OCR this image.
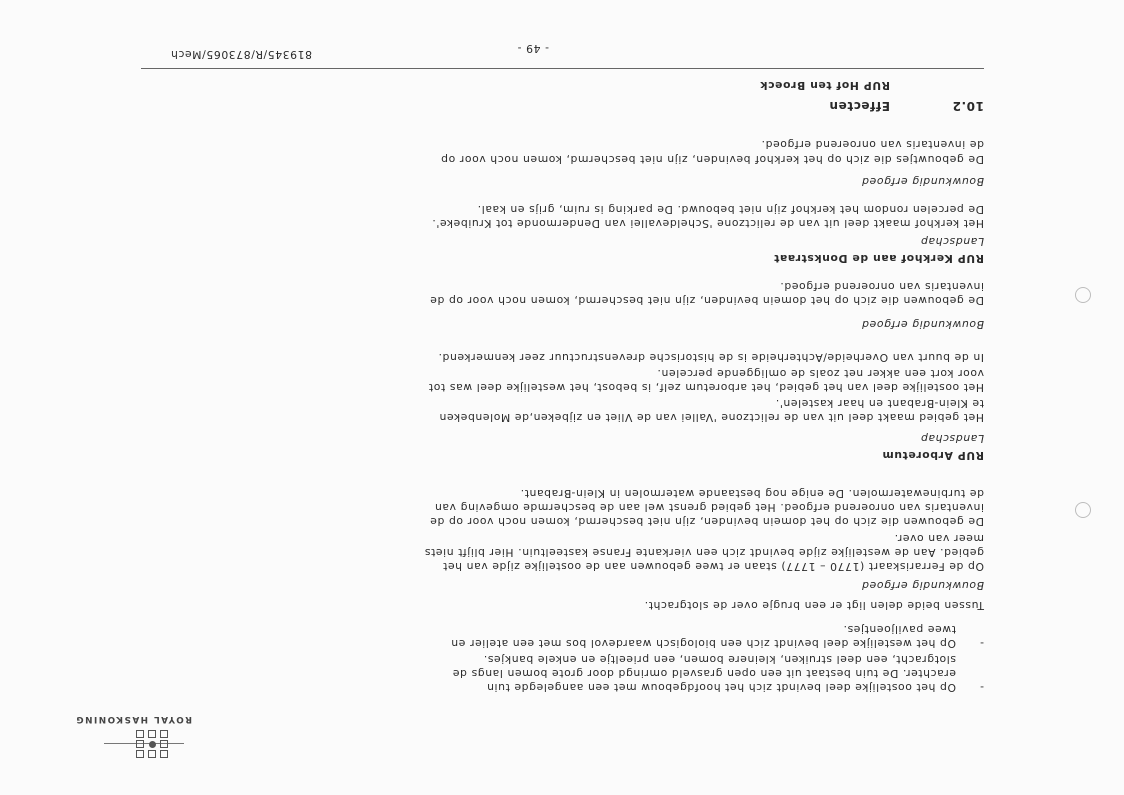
- 49 -
819345/R/873065/Mech
10.2
Effecten
RUP Hof ten Broeck
De gebouwtjes die zich op het kerkhof bevinden, zijn niet beschermd, komen noch voor op
de inventaris van onroerend erfgoed.
Bouwkundig erfgoed
Het kerkhof maakt deel uit van de relictzone 'Scheldevallei van Dendermonde tot Kruibeke'.
De percelen rondom het kerkhof zijn niet bebouwd. De parking is ruim, grijs en kaal.
Landschap
RUP Kerkhof aan de Donkstraat
De gebouwen die zich op het domein bevinden, zijn niet beschermd, komen noch voor op de
inventaris van onroerend erfgoed.
Bouwkundig erfgoed
In de buurt van Overheide/Achterheide is de historische drevenstructuur zeer kenmerkend.
Het oostelijke deel van het gebied, het arboretum zelf, is bebost, het westelijke deel was tot
voor kort een akker net zoals de omliggende percelen.
Het gebied maakt deel uit van de relictzone 'Vallei van de Vliet en zijbeken,de Molenbeken
te Klein-Brabant en haar kastelen'.
Landschap
RUP Arboretum
De gebouwen die zich op het domein bevinden, zijn niet beschermd, komen noch voor op de
inventaris van onroerend erfgoed. Het gebied grenst wel aan de beschermde omgeving van
de turbinewatermolen. De enige nog bestaande watermolen in Klein-Brabant.
Op de Ferrariskaart (1770 – 1777) staan er twee gebouwen aan de oostelijke zijde van het
gebied. Aan de westelijke zijde bevindt zich een vierkante Franse kasteeltuin. Hier blijft niets
meer van over.
Bouwkundig erfgoed
Tussen beide delen ligt er een brugje over de slotgracht.
-
Op het westelijke deel bevindt zich een biologisch waardevol bos met een atelier en
twee paviljoentjes.
-
Op het oostelijke deel bevindt zich het hoofdgebouw met een aangelegde tuin
erachter. De tuin bestaat uit een open grasveld omringd door grote bomen langs de
slotgracht, een deel struiken, kleinere bomen, een prieeltje en enkele bankjes.
ROYAL HASKONING
